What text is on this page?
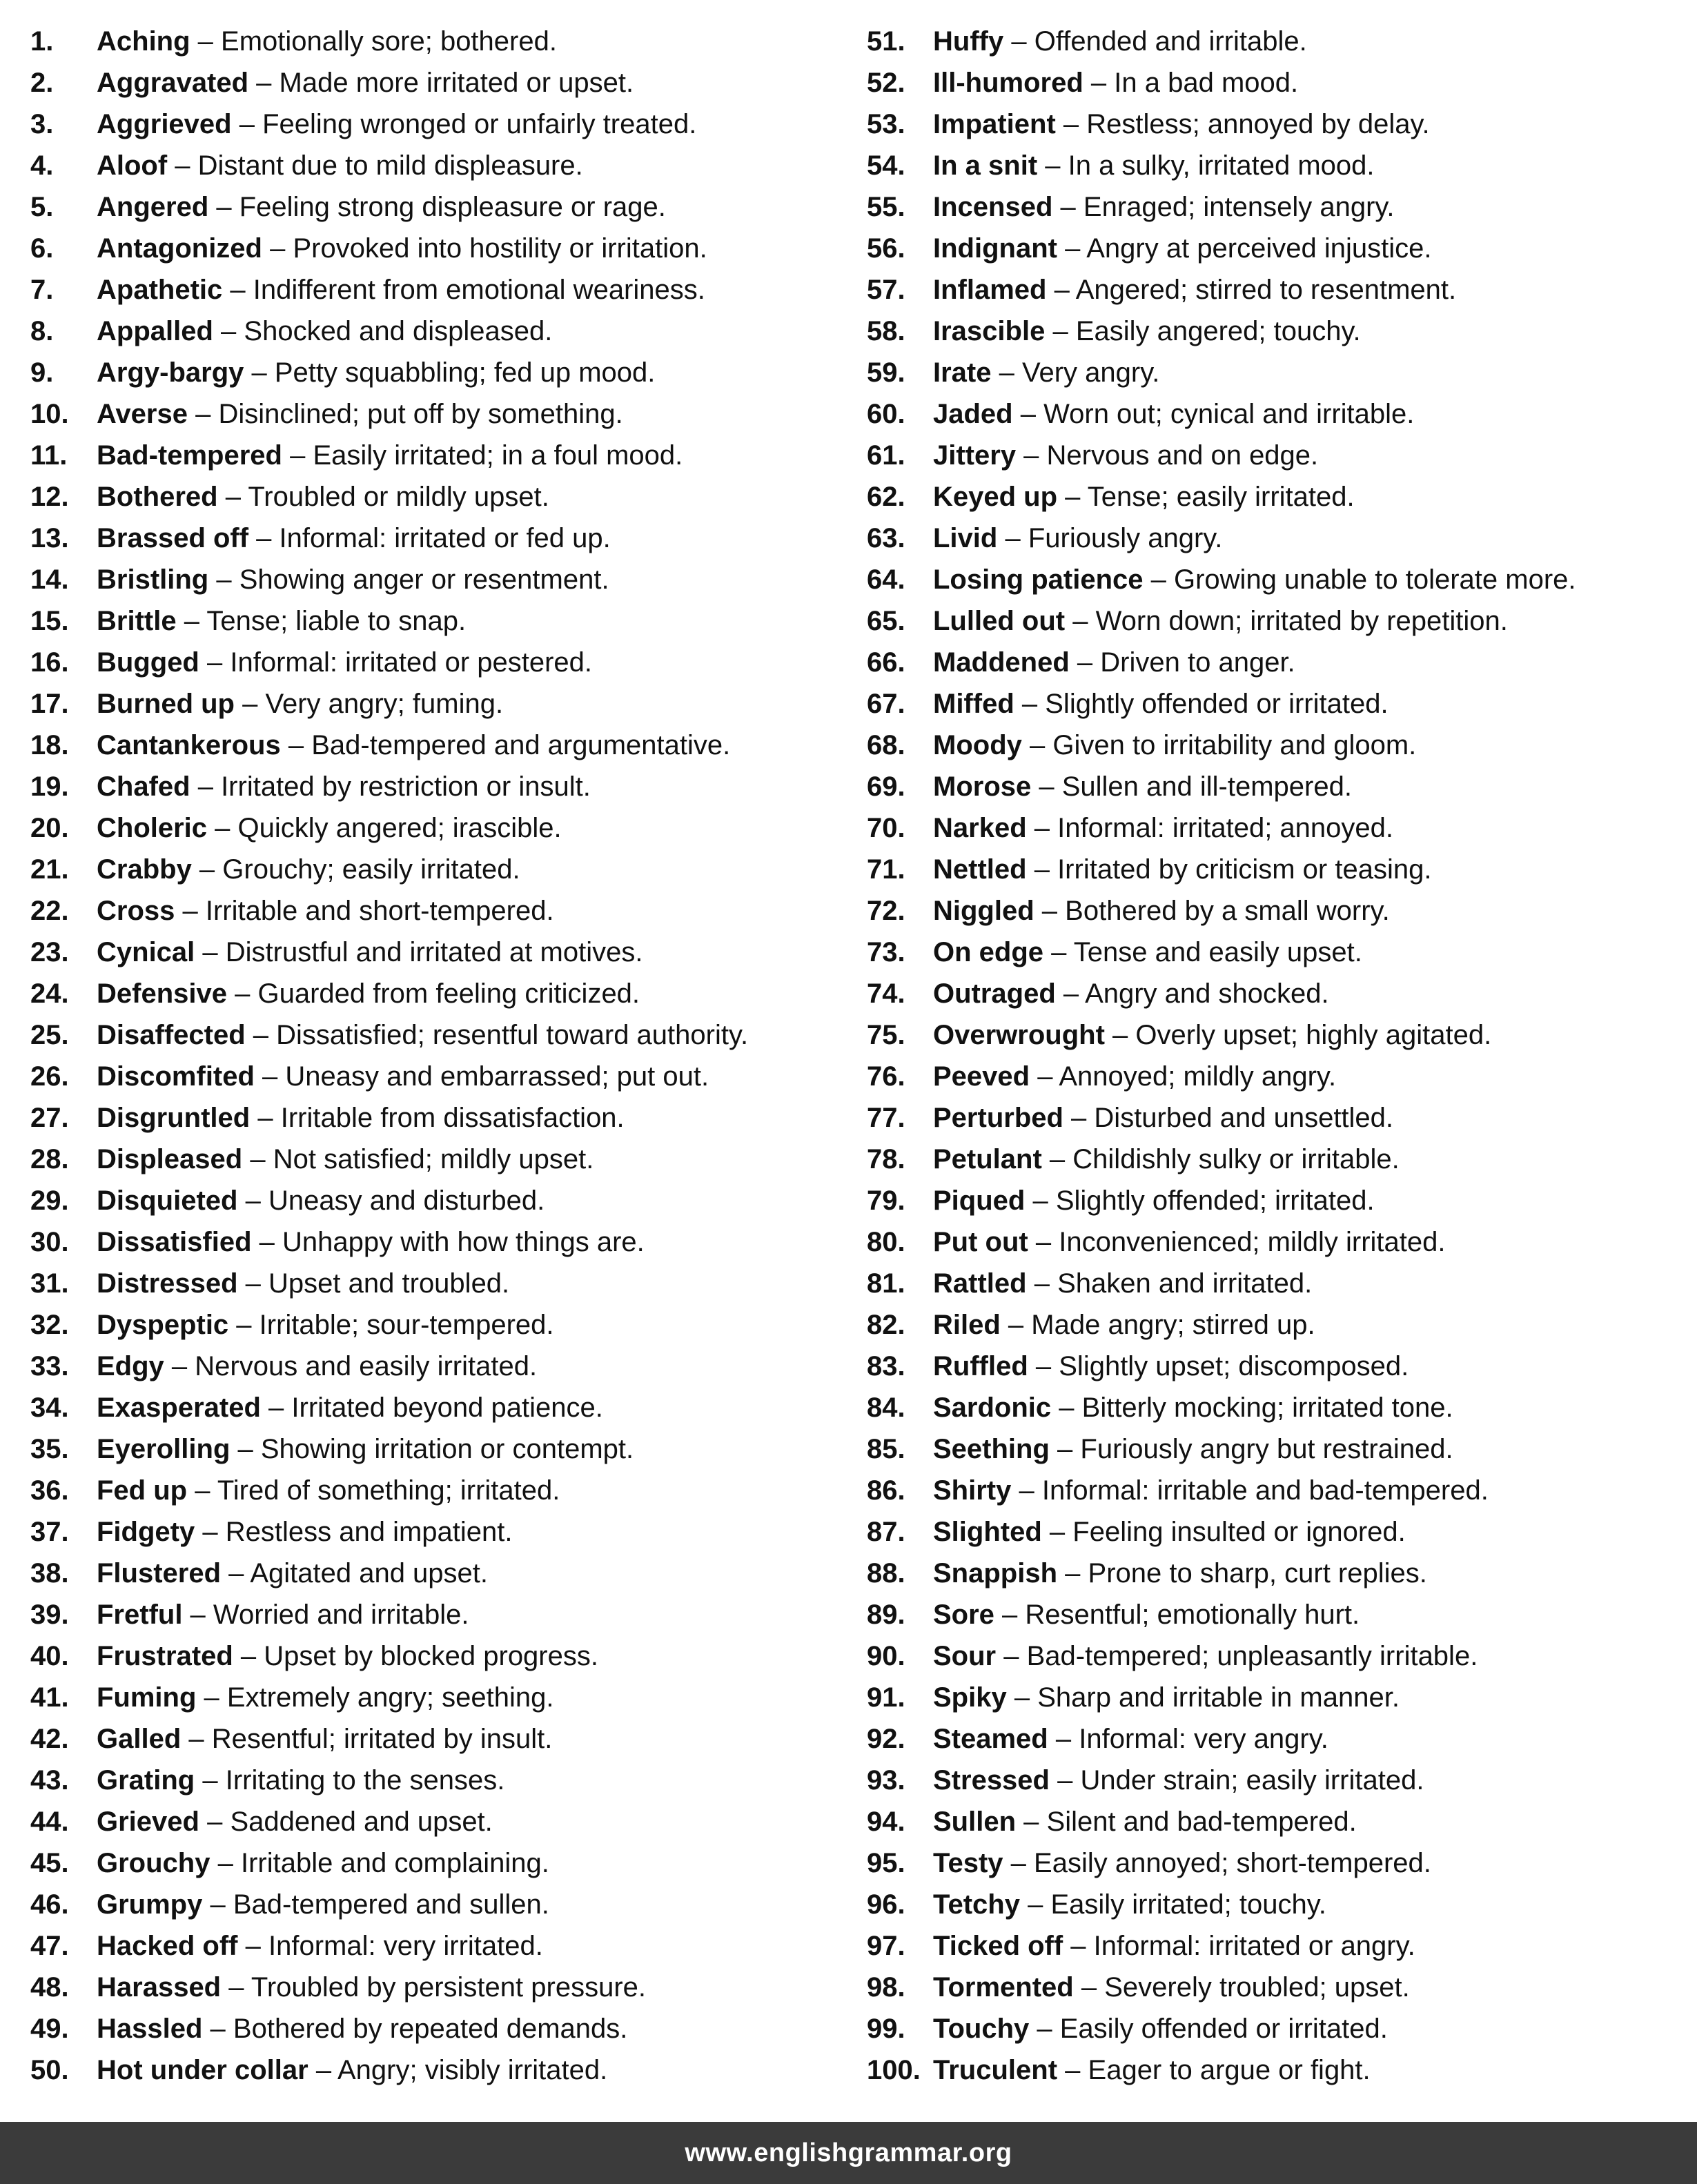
1. Aching – Emotionally sore; bothered.
2. Aggravated – Made more irritated or upset.
3. Aggrieved – Feeling wronged or unfairly treated.
4. Aloof – Distant due to mild displeasure.
5. Angered – Feeling strong displeasure or rage.
6. Antagonized – Provoked into hostility or irritation.
7. Apathetic – Indifferent from emotional weariness.
8. Appalled – Shocked and displeased.
9. Argy-bargy – Petty squabbling; fed up mood.
10. Averse – Disinclined; put off by something.
11. Bad-tempered – Easily irritated; in a foul mood.
12. Bothered – Troubled or mildly upset.
13. Brassed off – Informal: irritated or fed up.
14. Bristling – Showing anger or resentment.
15. Brittle – Tense; liable to snap.
16. Bugged – Informal: irritated or pestered.
17. Burned up – Very angry; fuming.
18. Cantankerous – Bad-tempered and argumentative.
19. Chafed – Irritated by restriction or insult.
20. Choleric – Quickly angered; irascible.
21. Crabby – Grouchy; easily irritated.
22. Cross – Irritable and short-tempered.
23. Cynical – Distrustful and irritated at motives.
24. Defensive – Guarded from feeling criticized.
25. Disaffected – Dissatisfied; resentful toward authority.
26. Discomfited – Uneasy and embarrassed; put out.
27. Disgruntled – Irritable from dissatisfaction.
28. Displeased – Not satisfied; mildly upset.
29. Disquieted – Uneasy and disturbed.
30. Dissatisfied – Unhappy with how things are.
31. Distressed – Upset and troubled.
32. Dyspeptic – Irritable; sour-tempered.
33. Edgy – Nervous and easily irritated.
34. Exasperated – Irritated beyond patience.
35. Eyerolling – Showing irritation or contempt.
36. Fed up – Tired of something; irritated.
37. Fidgety – Restless and impatient.
38. Flustered – Agitated and upset.
39. Fretful – Worried and irritable.
40. Frustrated – Upset by blocked progress.
41. Fuming – Extremely angry; seething.
42. Galled – Resentful; irritated by insult.
43. Grating – Irritating to the senses.
44. Grieved – Saddened and upset.
45. Grouchy – Irritable and complaining.
46. Grumpy – Bad-tempered and sullen.
47. Hacked off – Informal: very irritated.
48. Harassed – Troubled by persistent pressure.
49. Hassled – Bothered by repeated demands.
50. Hot under collar – Angry; visibly irritated.
51. Huffy – Offended and irritable.
52. Ill-humored – In a bad mood.
53. Impatient – Restless; annoyed by delay.
54. In a snit – In a sulky, irritated mood.
55. Incensed – Enraged; intensely angry.
56. Indignant – Angry at perceived injustice.
57. Inflamed – Angered; stirred to resentment.
58. Irascible – Easily angered; touchy.
59. Irate – Very angry.
60. Jaded – Worn out; cynical and irritable.
61. Jittery – Nervous and on edge.
62. Keyed up – Tense; easily irritated.
63. Livid – Furiously angry.
64. Losing patience – Growing unable to tolerate more.
65. Lulled out – Worn down; irritated by repetition.
66. Maddened – Driven to anger.
67. Miffed – Slightly offended or irritated.
68. Moody – Given to irritability and gloom.
69. Morose – Sullen and ill-tempered.
70. Narked – Informal: irritated; annoyed.
71. Nettled – Irritated by criticism or teasing.
72. Niggled – Bothered by a small worry.
73. On edge – Tense and easily upset.
74. Outraged – Angry and shocked.
75. Overwrought – Overly upset; highly agitated.
76. Peeved – Annoyed; mildly angry.
77. Perturbed – Disturbed and unsettled.
78. Petulant – Childishly sulky or irritable.
79. Piqued – Slightly offended; irritated.
80. Put out – Inconvenienced; mildly irritated.
81. Rattled – Shaken and irritated.
82. Riled – Made angry; stirred up.
83. Ruffled – Slightly upset; discomposed.
84. Sardonic – Bitterly mocking; irritated tone.
85. Seething – Furiously angry but restrained.
86. Shirty – Informal: irritable and bad-tempered.
87. Slighted – Feeling insulted or ignored.
88. Snappish – Prone to sharp, curt replies.
89. Sore – Resentful; emotionally hurt.
90. Sour – Bad-tempered; unpleasantly irritable.
91. Spiky – Sharp and irritable in manner.
92. Steamed – Informal: very angry.
93. Stressed – Under strain; easily irritated.
94. Sullen – Silent and bad-tempered.
95. Testy – Easily annoyed; short-tempered.
96. Tetchy – Easily irritated; touchy.
97. Ticked off – Informal: irritated or angry.
98. Tormented – Severely troubled; upset.
99. Touchy – Easily offended or irritated.
100. Truculent – Eager to argue or fight.
www.englishgrammar.org
